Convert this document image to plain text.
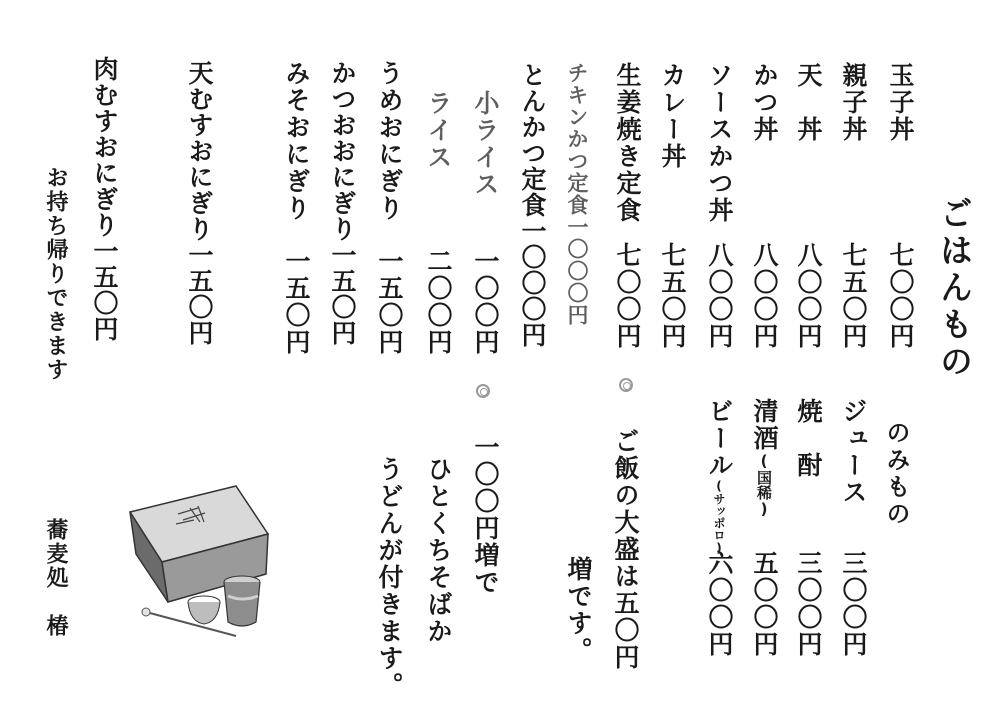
ごはんもの
玉子丼
七〇〇円
親子丼
七五〇円
天　丼
八〇〇円
かつ丼
八〇〇円
ソースかつ丼
八〇〇円
カレー丼
七五〇円
生姜焼き定食
七〇〇円
チキンかつ定食一〇〇〇円
とんかつ定食一〇〇〇円
小ライス
一〇〇円
ライス
二〇〇円
うめおにぎり
一五〇円
かつおおにぎり一五〇円
みそおにぎり
一五〇円
天むすおにぎり一五〇円
肉むすおにぎり一五〇円
のみもの
ジュース
三〇〇円
焼　酎
三〇〇円
清酒(国稀)
五〇〇円
ビール(サッポロ)
六〇〇円
ご飯の大盛は五〇円
増です。
一〇〇円増で
ひとくちそばか
うどんが付きます。
お持ち帰りできます
蕎麦処　椿
